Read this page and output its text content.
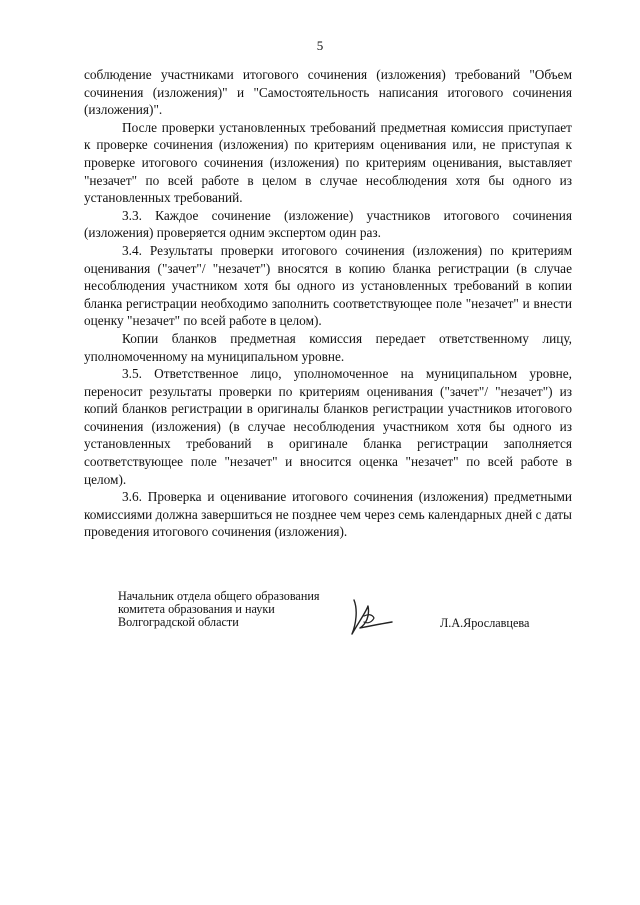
5

соблюдение участниками итогового сочинения (изложения) требований "Объем сочинения (изложения)" и "Самостоятельность написания итогового сочинения (изложения)".

После проверки установленных требований предметная комиссия приступает к проверке сочинения (изложения) по критериям оценивания или, не приступая к проверке итогового сочинения (изложения) по критериям оценивания, выставляет "незачет" по всей работе в целом в случае несоблюдения хотя бы одного из установленных требований.

3.3. Каждое сочинение (изложение) участников итогового сочинения (изложения) проверяется одним экспертом один раз.

3.4. Результаты проверки итогового сочинения (изложения) по критериям оценивания ("зачет"/ "незачет") вносятся в копию бланка регистрации (в случае несоблюдения участником хотя бы одного из установленных требований в копии бланка регистрации необходимо заполнить соответствующее поле "незачет" и внести оценку "незачет" по всей работе в целом).

Копии бланков предметная комиссия передает ответственному лицу, уполномоченному на муниципальном уровне.

3.5. Ответственное лицо, уполномоченное на муниципальном уровне, переносит результаты проверки по критериям оценивания ("зачет"/ "незачет") из копий бланков регистрации в оригиналы бланков регистрации участников итогового сочинения (изложения) (в случае несоблюдения участником хотя бы одного из установленных требований в оригинале бланка регистрации заполняется соответствующее поле "незачет" и вносится оценка "незачет" по всей работе в целом).

3.6. Проверка и оценивание итогового сочинения (изложения) предметными комиссиями должна завершиться не позднее чем через семь календарных дней с даты проведения итогового сочинения (изложения).

Начальник отдела общего образования
комитета образования и науки
Волгоградской области	Л.А.Ярославцева
